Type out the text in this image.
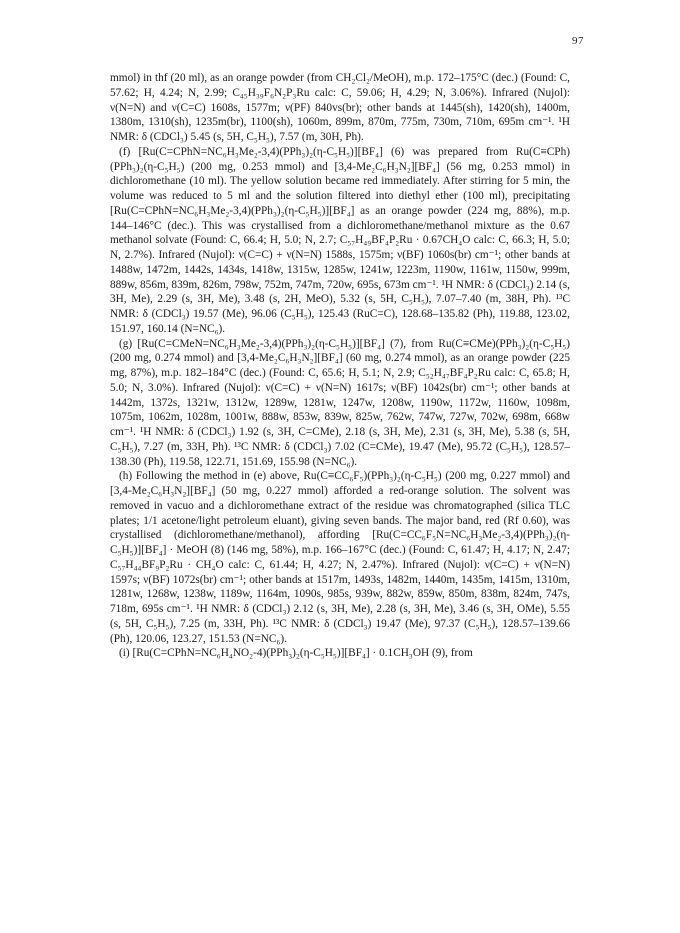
97

mmol) in thf (20 ml), as an orange powder (from CH₂Cl₂/MeOH), m.p. 172–175°C (dec.) (Found: C, 57.62; H, 4.24; N, 2.99; C₄₅H₃₉F₆N₂P₃Ru calc: C, 59.06; H, 4.29; N, 3.06%). Infrared (Nujol): ν(N=N) and ν(C=C) 1608s, 1577m; ν(PF) 840vs(br); other bands at 1445(sh), 1420(sh), 1400m, 1380m, 1310(sh), 1235m(br), 1100(sh), 1060m, 899m, 870m, 775m, 730m, 710m, 695m cm⁻¹. ¹H NMR: δ (CDCl₃) 5.45 (s, 5H, C₅H₅), 7.57 (m, 30H, Ph).

(f) [Ru(C=CPhN=NC₆H₃Me₂-3,4)(PPh₃)₂(η-C₅H₅)][BF₄] (6) was prepared from Ru(C≡CPh)(PPh₃)₂(η-C₅H₅) (200 mg, 0.253 mmol) and [3,4-Me₂C₆H₃N₂][BF₄] (56 mg, 0.253 mmol) in dichloromethane (10 ml). The yellow solution became red immediately. After stirring for 5 min, the volume was reduced to 5 ml and the solution filtered into diethyl ether (100 ml), precipitating [Ru(C=CPhN=NC₆H₃Me₂-3,4)(PPh₃)₂(η-C₅H₅)][BF₄] as an orange powder (224 mg, 88%), m.p. 144–146°C (dec.). This was crystallised from a dichloromethane/methanol mixture as the 0.67 methanol solvate (Found: C, 66.4; H, 5.0; N, 2.7; C₅₇H₄₉BF₄P₂Ru · 0.67CH₄O calc: C, 66.3; H, 5.0; N, 2.7%). Infrared (Nujol): ν(C=C) + ν(N=N) 1588s, 1575m; ν(BF) 1060s(br) cm⁻¹; other bands at 1488w, 1472m, 1442s, 1434s, 1418w, 1315w, 1285w, 1241w, 1223m, 1190w, 1161w, 1150w, 999m, 889w, 856m, 839m, 826m, 798w, 752m, 747m, 720w, 695s, 673m cm⁻¹. ¹H NMR: δ (CDCl₃) 2.14 (s, 3H, Me), 2.29 (s, 3H, Me), 3.48 (s, 2H, MeO), 5.32 (s, 5H, C₅H₅), 7.07–7.40 (m, 38H, Ph). ¹³C NMR: δ (CDCl₃) 19.57 (Me), 96.06 (C₅H₅), 125.43 (RuC=C), 128.68–135.82 (Ph), 119.88, 123.02, 151.97, 160.14 (N=NC₆).

(g) [Ru(C=CMeN=NC₆H₃Me₂-3,4)(PPh₃)₂(η-C₅H₅)][BF₄] (7), from Ru(C≡CMe)(PPh₃)₂(η-C₅H₅) (200 mg, 0.274 mmol) and [3,4-Me₂C₆H₃N₂][BF₄] (60 mg, 0.274 mmol), as an orange powder (225 mg, 87%), m.p. 182–184°C (dec.) (Found: C, 65.6; H, 5.1; N, 2.9; C₅₂H₄₇BF₄P₂Ru calc: C, 65.8; H, 5.0; N, 3.0%). Infrared (Nujol): ν(C=C) + ν(N=N) 1617s; ν(BF) 1042s(br) cm⁻¹; other bands at 1442m, 1372s, 1321w, 1312w, 1289w, 1281w, 1247w, 1208w, 1190w, 1172w, 1160w, 1098m, 1075m, 1062m, 1028m, 1001w, 888w, 853w, 839w, 825w, 762w, 747w, 727w, 702w, 698m, 668w cm⁻¹. ¹H NMR: δ (CDCl₃) 1.92 (s, 3H, C=CMe), 2.18 (s, 3H, Me), 2.31 (s, 3H, Me), 5.38 (s, 5H, C₅H₅), 7.27 (m, 33H, Ph). ¹³C NMR: δ (CDCl₃) 7.02 (C=CMe), 19.47 (Me), 95.72 (C₅H₅), 128.57–138.30 (Ph), 119.58, 122.71, 151.69, 155.98 (N=NC₆).

(h) Following the method in (e) above, Ru(C≡CC₆F₅)(PPh₃)₂(η-C₅H₅) (200 mg, 0.227 mmol) and [3,4-Me₂C₆H₃N₂][BF₄] (50 mg, 0.227 mmol) afforded a red-orange solution. The solvent was removed in vacuo and a dichloromethane extract of the residue was chromatographed (silica TLC plates; 1/1 acetone/light petroleum eluant), giving seven bands. The major band, red (Rf 0.60), was crystallised (dichloromethane/methanol), affording [Ru(C=CC₆F₅N=NC₆H₃Me₂-3,4)(PPh₃)₂(η-C₅H₅)][BF₄] · MeOH (8) (146 mg, 58%), m.p. 166–167°C (dec.) (Found: C, 61.47; H, 4.17; N, 2.47; C₅₇H₄₄BF₉P₂Ru · CH₄O calc: C, 61.44; H, 4.27; N, 2.47%). Infrared (Nujol): ν(C=C) + ν(N=N) 1597s; ν(BF) 1072s(br) cm⁻¹; other bands at 1517m, 1493s, 1482m, 1440m, 1435m, 1415m, 1310m, 1281w, 1268w, 1238w, 1189w, 1164m, 1090s, 985s, 939w, 882w, 859w, 850m, 838m, 824m, 747s, 718m, 695s cm⁻¹. ¹H NMR: δ (CDCl₃) 2.12 (s, 3H, Me), 2.28 (s, 3H, Me), 3.46 (s, 3H, OMe), 5.55 (s, 5H, C₅H₅), 7.25 (m, 33H, Ph). ¹³C NMR: δ (CDCl₃) 19.47 (Me), 97.37 (C₅H₅), 128.57–139.66 (Ph), 120.06, 123.27, 151.53 (N=NC₆).

(i) [Ru(C=CPhN=NC₆H₄NO₂-4)(PPh₃)₂(η-C₅H₅)][BF₄] · 0.1CH₃OH (9), from
